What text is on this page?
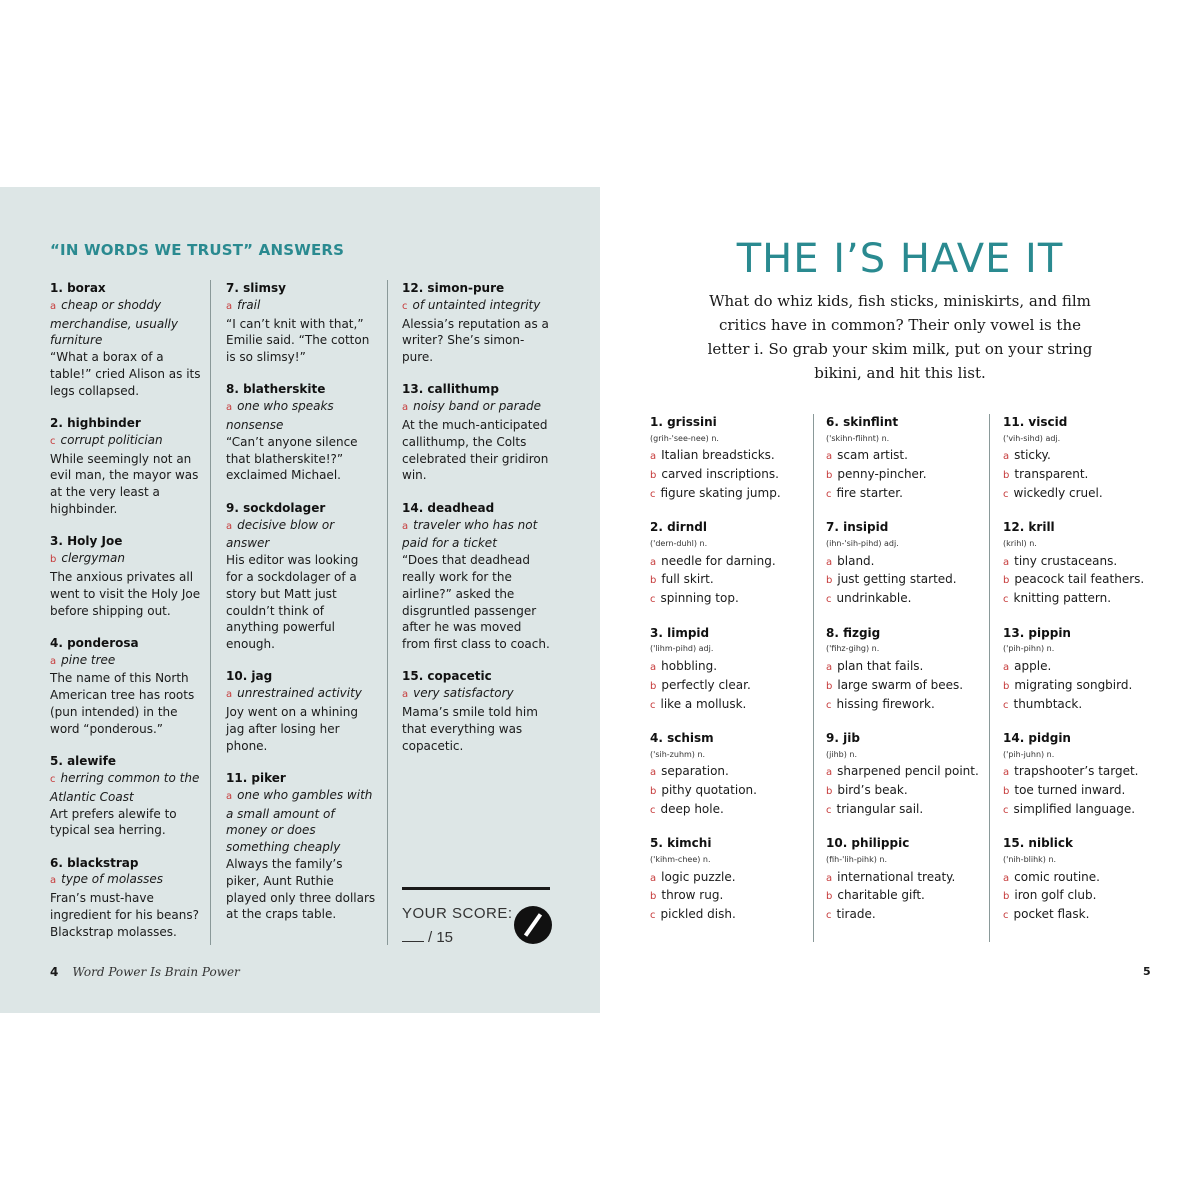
“IN WORDS WE TRUST” ANSWERS
1. borax
a cheap or shoddy merchandise, usually furniture
“What a borax of a table!” cried Alison as its legs collapsed.
2. highbinder
c corrupt politician
While seemingly not an evil man, the mayor was at the very least a highbinder.
3. Holy Joe
b clergyman
The anxious privates all went to visit the Holy Joe before shipping out.
4. ponderosa
a pine tree
The name of this North American tree has roots (pun intended) in the word “ponderous.”
5. alewife
c herring common to the Atlantic Coast
Art prefers alewife to typical sea herring.
6. blackstrap
a type of molasses
Fran’s must-have ingredient for his beans? Blackstrap molasses.
7. slimsy
a frail
“I can’t knit with that,” Emilie said. “The cotton is so slimsy!”
8. blatherskite
a one who speaks nonsense
“Can’t anyone silence that blatherskite!?” exclaimed Michael.
9. sockdolager
a decisive blow or answer
His editor was looking for a sockdolager of a story but Matt just couldn’t think of anything powerful enough.
10. jag
a unrestrained activity
Joy went on a whining jag after losing her phone.
11. piker
a one who gambles with a small amount of money or does something cheaply
Always the family’s piker, Aunt Ruthie played only three dollars at the craps table.
12. simon-pure
c of untainted integrity
Alessia’s reputation as a writer? She’s simon-pure.
13. callithump
a noisy band or parade
At the much-anticipated callithump, the Colts celebrated their gridiron win.
14. deadhead
a traveler who has not paid for a ticket
“Does that deadhead really work for the airline?” asked the disgruntled passenger after he was moved from first class to coach.
15. copacetic
a very satisfactory
Mama’s smile told him that everything was copacetic.
YOUR SCORE:
/ 15
4 Word Power Is Brain Power
THE I’S HAVE IT
What do whiz kids, fish sticks, miniskirts, and film critics have in common? Their only vowel is the letter i. So grab your skim milk, put on your string bikini, and hit this list.
1. grissini
(grih-'see-nee) n.
a Italian breadsticks.
b carved inscriptions.
c figure skating jump.
2. dirndl
('dern-duhl) n.
a needle for darning.
b full skirt.
c spinning top.
3. limpid
('lihm-pihd) adj.
a hobbling.
b perfectly clear.
c like a mollusk.
4. schism
('sih-zuhm) n.
a separation.
b pithy quotation.
c deep hole.
5. kimchi
('kihm-chee) n.
a logic puzzle.
b throw rug.
c pickled dish.
6. skinflint
('skihn-flihnt) n.
a scam artist.
b penny-pincher.
c fire starter.
7. insipid
(ihn-'sih-pihd) adj.
a bland.
b just getting started.
c undrinkable.
8. fizgig
('fihz-gihg) n.
a plan that fails.
b large swarm of bees.
c hissing firework.
9. jib
(jihb) n.
a sharpened pencil point.
b bird’s beak.
c triangular sail.
10. philippic
(fih-'lih-pihk) n.
a international treaty.
b charitable gift.
c tirade.
11. viscid
('vih-sihd) adj.
a sticky.
b transparent.
c wickedly cruel.
12. krill
(krihl) n.
a tiny crustaceans.
b peacock tail feathers.
c knitting pattern.
13. pippin
('pih-pihn) n.
a apple.
b migrating songbird.
c thumbtack.
14. pidgin
('pih-juhn) n.
a trapshooter’s target.
b toe turned inward.
c simplified language.
15. niblick
('nih-blihk) n.
a comic routine.
b iron golf club.
c pocket flask.
5
